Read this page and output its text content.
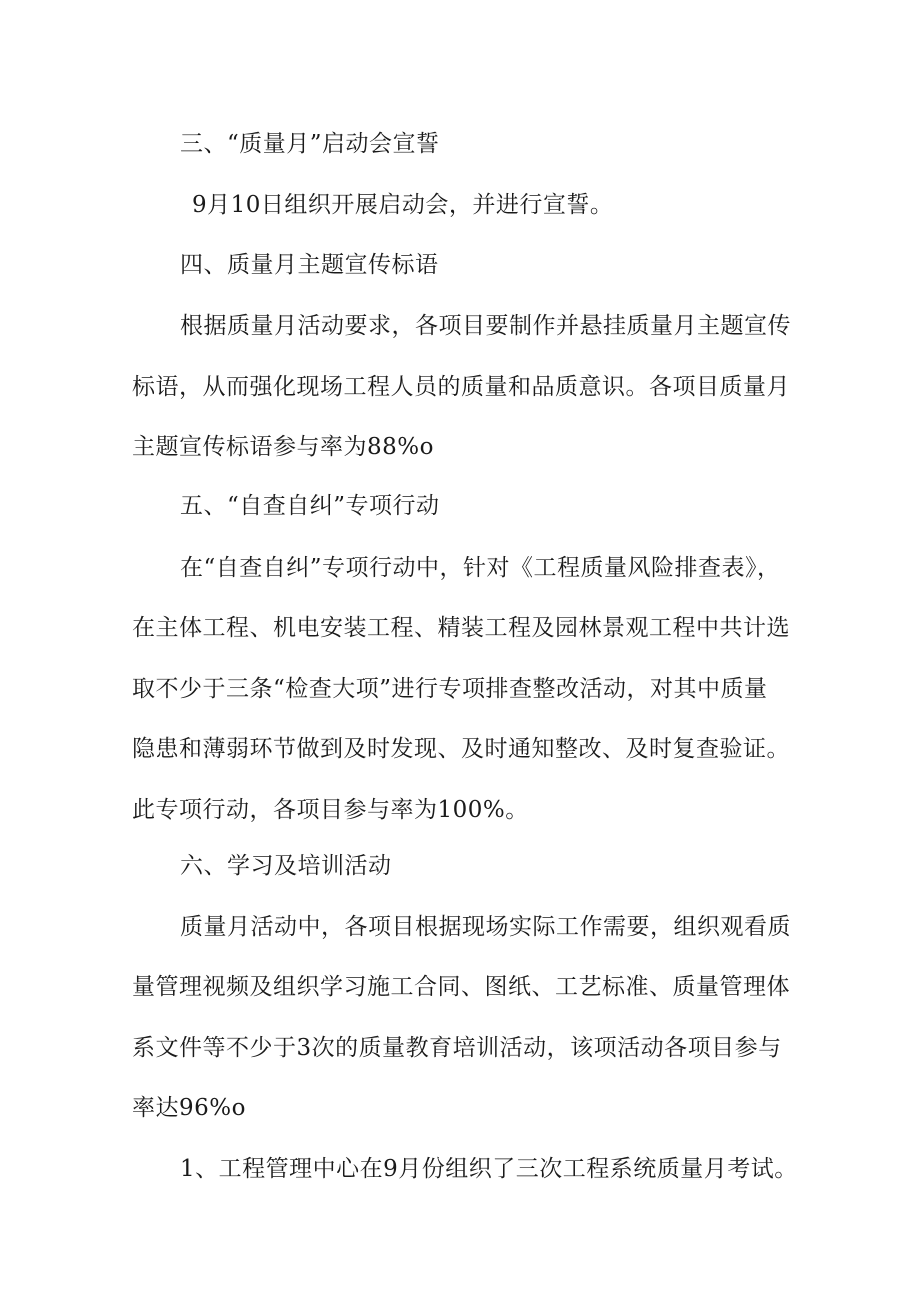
三、“质量月”启动会宣誓
9月10日组织开展启动会，并进行宣誓。
四、质量月主题宣传标语
根据质量月活动要求，各项目要制作并悬挂质量月主题宣传
标语，从而强化现场工程人员的质量和品质意识。各项目质量月
主题宣传标语参与率为88%o
五、“自查自纠”专项行动
在“自查自纠”专项行动中，针对《工程质量风险排查表》，
在主体工程、机电安装工程、精装工程及园林景观工程中共计选
取不少于三条“检查大项”进行专项排查整改活动，对其中质量
隐患和薄弱环节做到及时发现、及时通知整改、及时复查验证。
此专项行动，各项目参与率为100%。
六、学习及培训活动
质量月活动中，各项目根据现场实际工作需要，组织观看质
量管理视频及组织学习施工合同、图纸、工艺标准、质量管理体
系文件等不少于3次的质量教育培训活动，该项活动各项目参与
率达96%o
1、工程管理中心在9月份组织了三次工程系统质量月考试。
